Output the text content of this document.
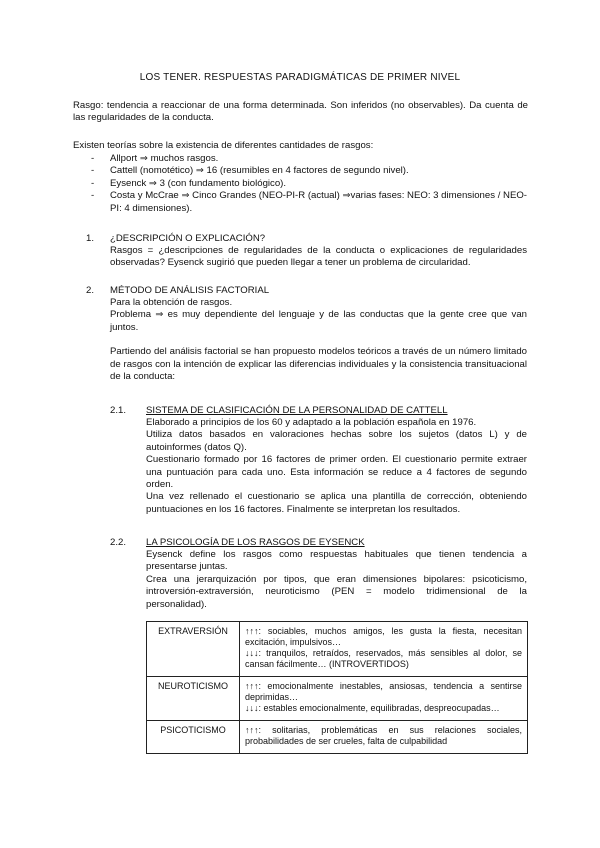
LOS TENER. RESPUESTAS PARADIGMÁTICAS DE PRIMER NIVEL
Rasgo: tendencia a reaccionar de una forma determinada. Son inferidos (no observables). Da cuenta de las regularidades de la conducta.
Existen teorías sobre la existencia de diferentes cantidades de rasgos:
- Allport ⇒ muchos rasgos.
- Cattell (nomotético) ⇒ 16 (resumibles en 4 factores de segundo nivel).
- Eysenck ⇒ 3 (con fundamento biológico).
- Costa y McCrae ⇒ Cinco Grandes (NEO-PI-R (actual) ⇒varias fases: NEO: 3 dimensiones / NEO-PI: 4 dimensiones).
1. ¿DESCRIPCIÓN O EXPLICACIÓN?
Rasgos = ¿descripciones de regularidades de la conducta o explicaciones de regularidades observadas? Eysenck sugirió que pueden llegar a tener un problema de circularidad.
2. MÉTODO DE ANÁLISIS FACTORIAL
Para la obtención de rasgos.
Problema ⇒ es muy dependiente del lenguaje y de las conductas que la gente cree que van juntos.
Partiendo del análisis factorial se han propuesto modelos teóricos a través de un número limitado de rasgos con la intención de explicar las diferencias individuales y la consistencia transituacional de la conducta:
2.1. SISTEMA DE CLASIFICACIÓN DE LA PERSONALIDAD DE CATTELL
Elaborado a principios de los 60 y adaptado a la población española en 1976.
Utiliza datos basados en valoraciones hechas sobre los sujetos (datos L) y de autoinformes (datos Q).
Cuestionario formado por 16 factores de primer orden. El cuestionario permite extraer una puntuación para cada uno. Esta información se reduce a 4 factores de segundo orden.
Una vez rellenado el cuestionario se aplica una plantilla de corrección, obteniendo puntuaciones en los 16 factores. Finalmente se interpretan los resultados.
2.2. LA PSICOLOGÍA DE LOS RASGOS DE EYSENCK
Eysenck define los rasgos como respuestas habituales que tienen tendencia a presentarse juntas.
Crea una jerarquización por tipos, que eran dimensiones bipolares: psicoticismo, introversión-extraversión, neuroticismo (PEN = modelo tridimensional de la personalidad).
EXTRAVERSIÓN	↑↑↑: sociables, muchos amigos, les gusta la fiesta, necesitan excitación, impulsivos…
↓↓↓: tranquilos, retraídos, reservados, más sensibles al dolor, se cansan fácilmente… (INTROVERTIDOS)

NEUROTICISMO	↑↑↑: emocionalmente inestables, ansiosas, tendencia a sentirse deprimidas…
↓↓↓: estables emocionalmente, equilibradas, despreocupadas…

PSICOTICISMO	↑↑↑: solitarias, problemáticas en sus relaciones sociales, probabilidades de ser crueles, falta de culpabilidad
